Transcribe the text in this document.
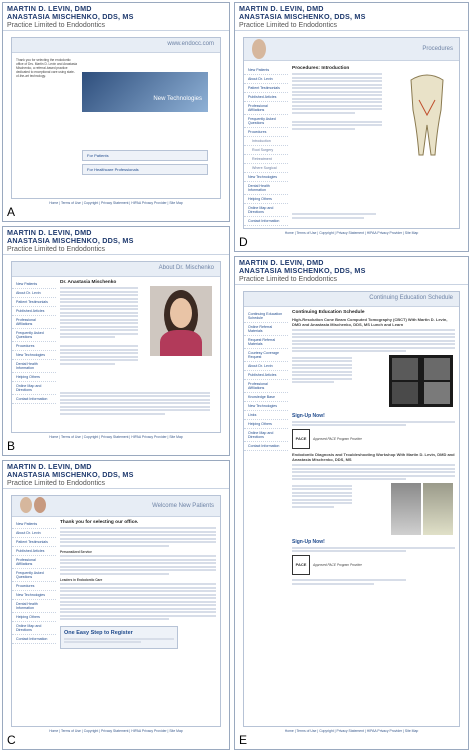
MARTIN D. LEVIN, DMD
ANASTASIA MISCHENKO, DDS, MS
Practice Limited to Endodontics
www.endocc.com
Thank you for selecting the endodontic office of Drs. Martin D. Levin and Anastasia Mischenko, a referral-based practice dedicated to exceptional care using state-of-the-art technology.
New Technologies
For Patients
For Healthcare Professionals
Home | Terms of Use | Copyright | Privacy Statement | HIPAA Privacy Provider | Site Map
A
MARTIN D. LEVIN, DMD
ANASTASIA MISCHENKO, DDS, MS
Practice Limited to Endodontics
Procedures
New Patients
About Dr. Levin
Patient Testimonials
Published Articles
Professional Affiliations
Frequently Asked Questions
Procedures
Introduction
Root Surgery
Retreatment
Where Surgical
New Technologies
Dental Health Information
Helping Others
Online Map and Directions
Contact Information
Procedures: Introduction
Home | Terms of Use | Copyright | Privacy Statement | HIPAA Privacy Provider | Site Map
D
MARTIN D. LEVIN, DMD
ANASTASIA MISCHENKO, DDS, MS
Practice Limited to Endodontics
About Dr. Mischenko
New Patients
About Dr. Levin
Patient Testimonials
Published Articles
Professional Affiliations
Frequently Asked Questions
Procedures
New Technologies
Dental Health Information
Helping Others
Online Map and Directions
Contact Information
Dr. Anastasia Mischenko
Home | Terms of Use | Copyright | Privacy Statement | HIPAA Privacy Provider | Site Map
B
MARTIN D. LEVIN, DMD
ANASTASIA MISCHENKO, DDS, MS
Practice Limited to Endodontics
Welcome New Patients
New Patients
About Dr. Levin
Patient Testimonials
Published Articles
Professional Affiliations
Frequently Asked Questions
Procedures
New Technologies
Dental Health Information
Helping Others
Online Map and Directions
Contact Information
Thank you for selecting our office.
Personalized Service
Leaders in Endodontic Care
One Easy Step to Register
Home | Terms of Use | Copyright | Privacy Statement | HIPAA Privacy Provider | Site Map
C
MARTIN D. LEVIN, DMD
ANASTASIA MISCHENKO, DDS, MS
Practice Limited to Endodontics
Continuing Education Schedule
Continuing Education Schedule
Online Referral Materials
Request Referral Materials
Courtesy Coverage Request
About Dr. Levin
Published Articles
Professional Affiliations
Knowledge Base
New Technologies
Links
Helping Others
Online Map and Directions
Contact Information
Continuing Education Schedule
High-Resolution Cone Beam Computed Tomography (CBCT) With Martin D. Levin, DMD and Anastasia Mischenko, DDS, MS Lunch and Learn
Sign-Up Now!
PACE	Approved PACE Program Provider
Endodontic Diagnosis and Troubleshooting Workshop With Martin D. Levin, DMD and Anastasia Mischenko, DDS, MS
Sign-Up Now!
PACE	Approved PACE Program Provider
Home | Terms of Use | Copyright | Privacy Statement | HIPAA Privacy Provider | Site Map
E
